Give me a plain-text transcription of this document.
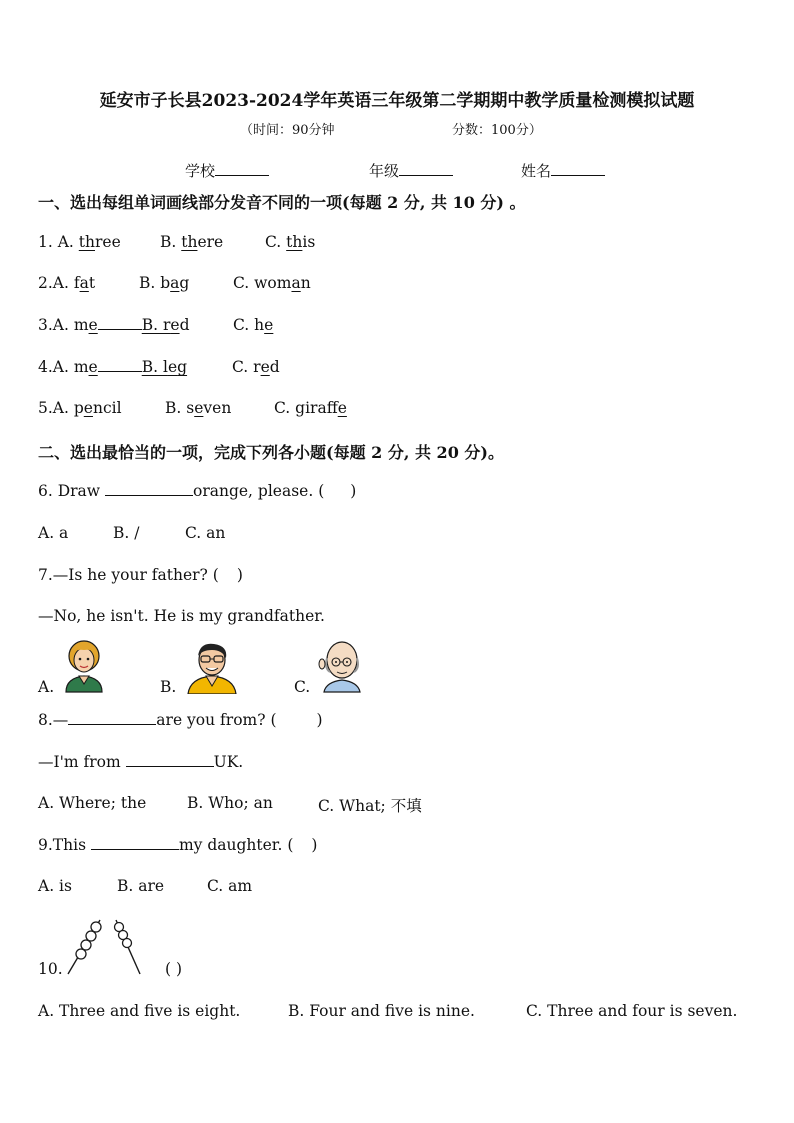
延安市子长县2023-2024学年英语三年级第二学期期中教学质量检测模拟试题
（时间：90分钟	分数：100分）
学校	年级	姓名
一、选出每组单词画线部分发音不同的一项(每题 2 分, 共 10 分) 。
1. A. three	B. there	C. this
2.A. fat	B. bag	C. woman
3.A. me	B. red	C. he
4.A. me	B. leg	C. red
5.A. pencil	B. seven	C. giraffe
二、选出最恰当的一项，完成下列各小题(每题 2 分, 共 20 分)。
6. Draw	orange, please. ( )
A. a	B. /	C. an
7.—Is he your father? ( )
—No, he isn't. He is my grandfather.
A.	B.	C.
8.—	are you from? (	)
—I'm from	UK.
A. Where; the	B. Who; an	C. What; 不填
9.This	my daughter. ( )
A. is	B. are	C. am
10.	( )
A. Three and five is eight.	B. Four and five is nine.	C. Three and four is seven.
